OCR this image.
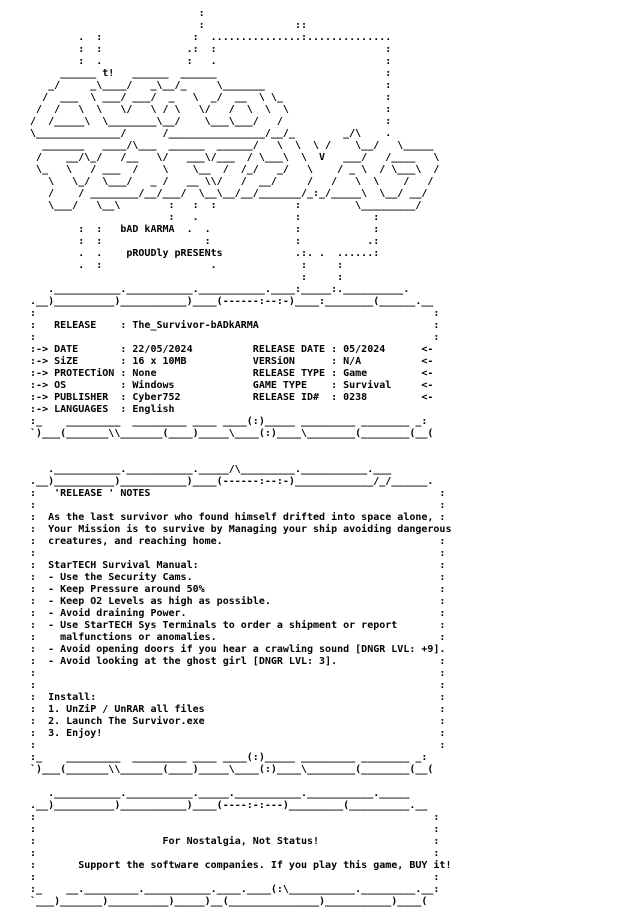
:
:               ::
.  :               :  ...............:..............
:  :              .:  :                            :
:  .              :   .                            :
______ t!   ______  ______                            :
_/     _\____/   _\__/_     \_______                    :
/  ___  \ ___/ ___/  _   \  _/  __  \ \_                 :
/  /   \  \   \/   \ / \   \/   /  \  \  \                :
/  /_____\  \________\__/    \___\___/   /                 :
\______________/      /________________/__/_        _/\    .
_______   ____/\___  ______  ______/   \  \  \ /    \__/   \_____
/    __/\_/   /__   \/   ___\/___  / \___\  \  V   ___/   /____   \
\_   \   / ___  /    \    \__  /  /_/   _/   \    / _ \  / \___\  /
\   \_/  \___/   _ /   __ \\/   /  __/     /   /   \  \    /   /
/    / ________/__/___/  \__\__/__/_______/_:_/_____\  \__/ __/
\___/   \__\        :   :  :             :         \_________/
:   .                :            :
:  :   bAD kARMA  .  .              :            :
:  :                 :              :           .:
.  .    pROUDly pRESENts            .:. .  ......:
.  :                  .              :     :
:     :
.___________.___________.___________.____:_____:.__________.
.__)__________)___________)____(------:--:-)____:________(______.__
:                                                                  :
:   RELEASE    : The_Survivor-bADkARMA                             :
:                                                                  :
:-> DATE       : 22/05/2024          RELEASE DATE : 05/2024      <-
:-> SiZE       : 16 x 10MB           VERSiON      : N/A          <-
:-> PROTECTiON : None                RELEASE TYPE : Game         <-
:-> OS         : Windows             GAME TYPE    : Survival     <-
:-> PUBLISHER  : Cyber752            RELEASE ID#  : 0238         <-
:-> LANGUAGES  : English
:_    _________  _________ ____ ____(:)_____ _________ ________ _:
`)___(_______\\_______(____)_____\____(:)____\________(________(__(

.___________.___________._____/\_________.___________.___
.__)__________)___________)____(------:--:-)_____________/_/______.
:   'RELEASE ' NOTES                                                :
:                                                                   :
:  As the last survivor who found himself drifted into space alone, :
:  Your Mission is to survive by Managing your ship avoiding dangerous
:  creatures, and reaching home.                                    :
:                                                                   :
:  StarTECH Survival Manual:                                        :
:  - Use the Security Cams.                                         :
:  - Keep Pressure around 50%                                       :
:  - Keep O2 Levels as high as possible.                            :
:  - Avoid draining Power.                                          :
:  - Use StarTECH Sys Terminals to order a shipment or report       :
:    malfunctions or anomalies.                                     :
:  - Avoid opening doors if you hear a crawling sound [DNGR LVL: +9].
:  - Avoid looking at the ghost girl [DNGR LVL: 3].                 :
:                                                                   :
:                                                                   :
:  Install:                                                         :
:  1. UnZiP / UnRAR all files                                       :
:  2. Launch The Survivor.exe                                       :
:  3. Enjoy!                                                        :
:                                                                   :
:_    _________  _________ ____ ____(:)_____ _________ ________ _:
`)___(_______\\_______(____)_____\____(:)____\________(________(__(

.___________.___________._____.___________.___________._____
.__)__________)___________)____(----:-:---)_________(__________.__
:                                                                  :
:                                                                  :
:                     For Nostalgia, Not Status!                   :
:                                                                  :
:       Support the software companies. If you play this game, BUY it!
:                                                                  :
:_    __._________.___________.____.____(:\___________._________.__:
`___)_______)__________)_____)__(_______________)___________)____(
